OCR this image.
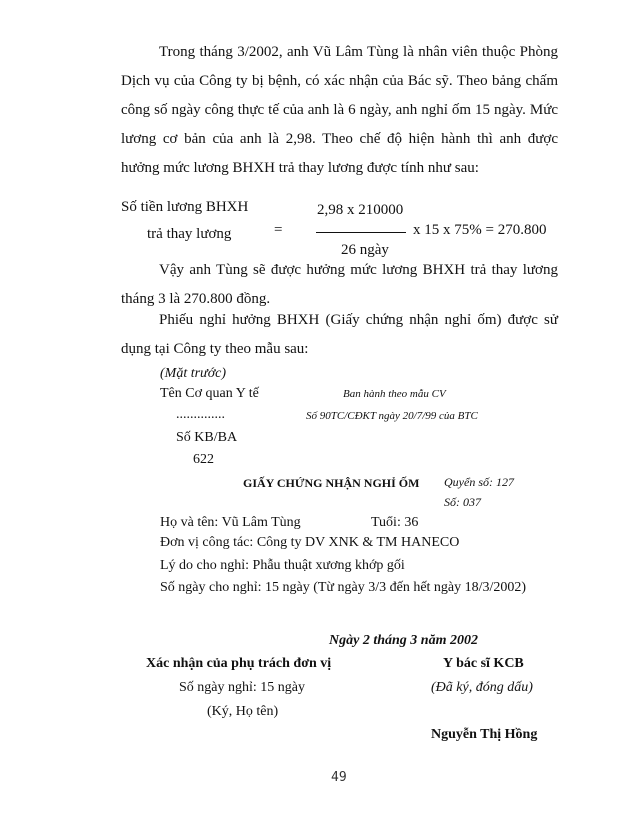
Trong tháng 3/2002, anh Vũ Lâm Tùng là nhân viên thuộc Phòng Dịch vụ của Công ty bị bệnh, có xác nhận của Bác sỹ. Theo bảng chấm công số ngày công thực tế của anh là 6 ngày, anh nghỉ ốm 15 ngày. Mức lương cơ bản của anh là 2,98. Theo chế độ hiện hành thì anh được hưởng mức lương BHXH trả thay lương được tính như sau:

Số tiền lương BHXH
trả thay lương	=
2,98 x 210000
26 ngày
x 15 x 75% = 270.800

Vậy anh Tùng sẽ được hưởng mức lương BHXH trả thay lương tháng 3 là 270.800 đồng.

Phiếu nghỉ hưởng BHXH (Giấy chứng nhận nghỉ ốm) được sử dụng tại Công ty theo mẫu sau:

(Mặt trước)
Tên Cơ quan Y tế	Ban hành theo mẫu CV
..............	Số 90TC/CĐKT ngày 20/7/99 của BTC
Số KB/BA
622
GIẤY CHỨNG NHẬN NGHỈ ỐM Quyển số: 127
Số: 037
Họ và tên: Vũ Lâm Tùng	Tuổi: 36
Đơn vị công tác: Công ty DV XNK & TM HANECO
Lý do cho nghỉ: Phẫu thuật xương khớp gối
Số ngày cho nghỉ: 15 ngày (Từ ngày 3/3 đến hết ngày 18/3/2002)
Ngày 2 tháng 3 năm 2002
Xác nhận của phụ trách đơn vị
Số ngày nghỉ: 15 ngày
(Ký, Họ tên)
Y bác sĩ KCB
(Đã ký, đóng dấu)
Nguyễn Thị Hồng
49
